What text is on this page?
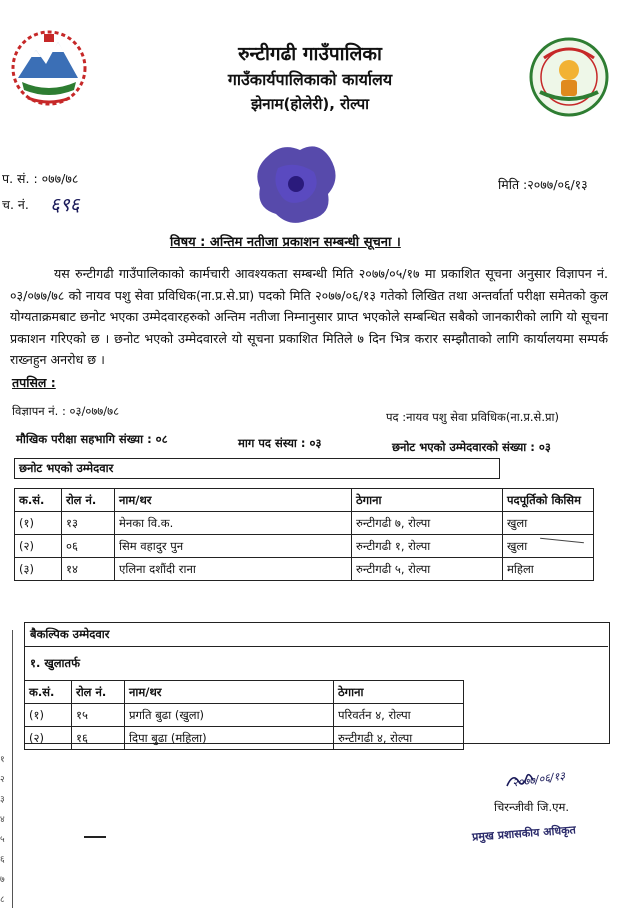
रुन्टीगढी गाउँपालिका
गाउँकार्यपालिकाको कार्यालय
झेनाम(होलेरी), रोल्पा
प. सं. : ०७७/७८
च. नं. ६९६
मिति :२०७७/०६/१३
विषय : अन्तिम नतीजा प्रकाशन सम्बन्धी सूचना ।

यस रुन्टीगढी गाउँपालिकाको कार्मचारी आवश्यकता सम्बन्धी मिति २०७७/०५/१७ मा प्रकाशित सूचना अनुसार विज्ञापन नं. ०३/०७७/७८ को नायव पशु सेवा प्रविधिक(ना.प्र.से.प्रा) पदको मिति २०७७/०६/१३ गतेको लिखित तथा अन्तर्वार्ता परीक्षा समेतको कुल योग्यताक्रमबाट छनोट भएका उम्मेदवारहरुको अन्तिम नतीजा निम्नानुसार प्राप्त भएकोले सम्बन्धित सबैको जानकारीको लागि यो सूचना प्रकाशन गरिएको छ । छनोट भएको उम्मेदवारले यो सूचना प्रकाशित मितिले ७ दिन भित्र करार सम्झौताको लागि कार्यालयमा सम्पर्क राख्नहुन अनरोध छ ।

तपसिल :
विज्ञापन नं. : ०३/०७७/७८	पद :नायव पशु सेवा प्रविधिक(ना.प्र.से.प्रा)
मौखिक परीक्षा सहभागि संख्या : ०८	माग पद संस्या : ०३	छनोट भएको उम्मेदवारको संख्या : ०३
छनोट भएको उम्मेदवार
क.सं.	रोल नं.	नाम/थर	ठेगाना	पदपूर्तिको किसिम
(१)	१३	मेनका वि.क.	रुन्टीगढी ७, रोल्पा	खुला
(२)	०६	सिम वहादुर पुन	रुन्टीगढी १, रोल्पा	खुला
(३)	१४	एलिना दशौंदी राना	रुन्टीगढी ५, रोल्पा	महिला
बैकल्पिक उम्मेदवार
१. खुलातर्फ
क.सं.	रोल नं.	नाम/थर	ठेगाना
(१)	१५	प्रगति बुढा (खुला)	परिवर्तन ४, रोल्पा
(२)	१६	दिपा बुढा (महिला)	रुन्टीगढी ४, रोल्पा
२०७७/०६/१३
चिरन्जीवी जि.एम.
प्रमुख प्रशासकीय अधिकृत
१
२
३
४
५
६
७
८
